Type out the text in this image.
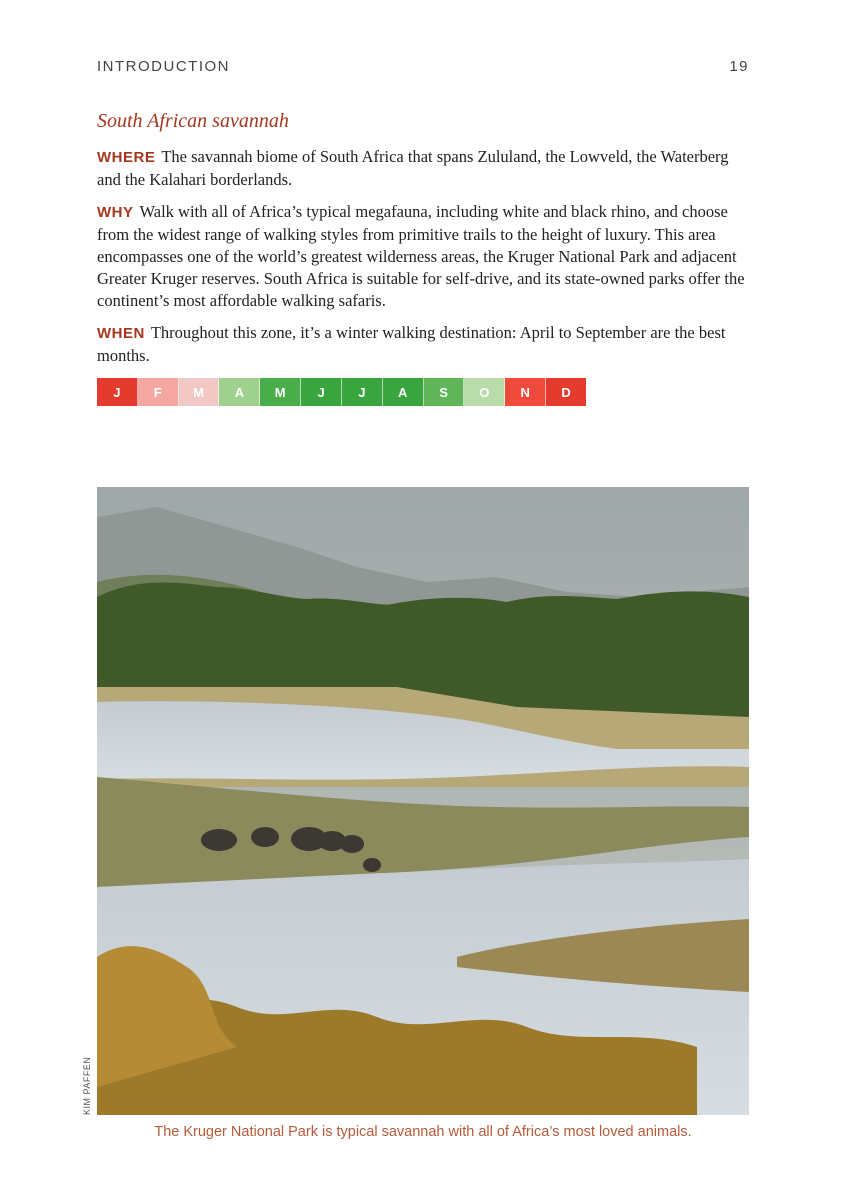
INTRODUCTION	19
South African savannah
WHERE The savannah biome of South Africa that spans Zululand, the Lowveld, the Waterberg and the Kalahari borderlands.
WHY Walk with all of Africa’s typical megafauna, including white and black rhino, and choose from the widest range of walking styles from primitive trails to the height of luxury. This area encompasses one of the world’s greatest wilderness areas, the Kruger National Park and adjacent Greater Kruger reserves. South Africa is suitable for self-drive, and its state-owned parks offer the continent’s most affordable walking safaris.
WHEN Throughout this zone, it’s a winter walking destination: April to September are the best months.
J	F	M	A	M	J	J	A	S	O	N	D
KIM PAFFEN
The Kruger National Park is typical savannah with all of Africa’s most loved animals.
